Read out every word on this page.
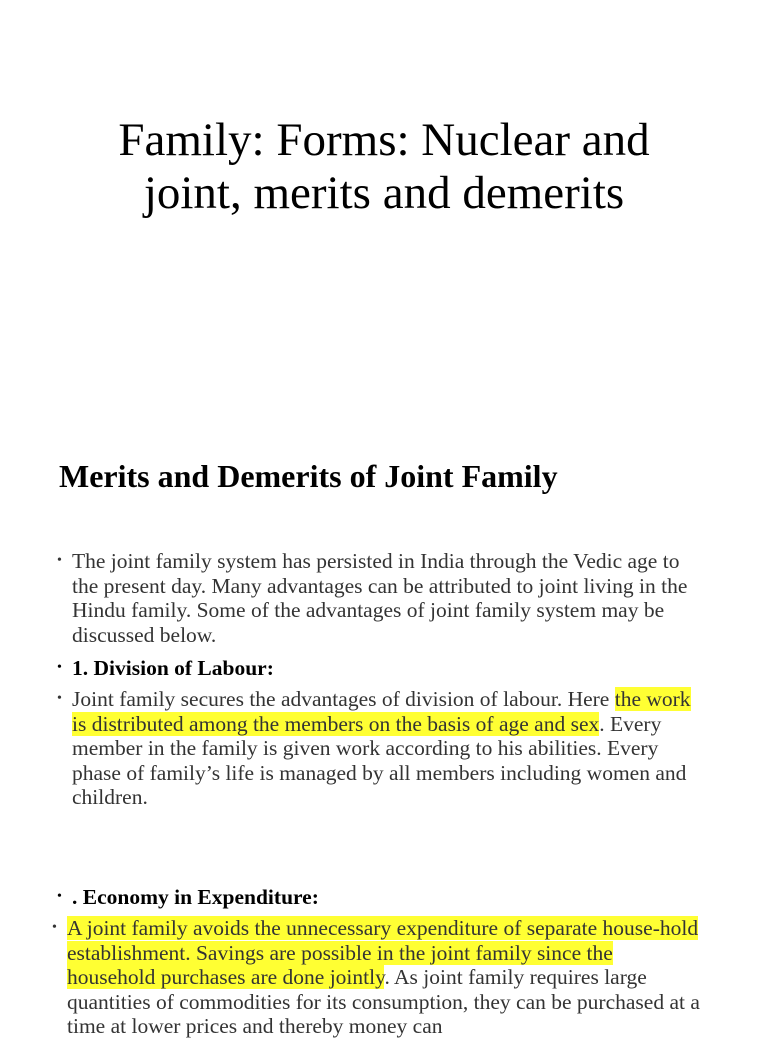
Family: Forms: Nuclear and
joint, merits and demerits
Merits and Demerits of Joint Family

• The joint family system has persisted in India through the Vedic age to the present day. Many advantages can be attributed to joint living in the Hindu family. Some of the advantages of joint family system may be discussed below.

• 1. Division of Labour:

• Joint family secures the advantages of division of labour. Here the work is distributed among the members on the basis of age and sex. Every member in the family is given work according to his abilities. Every phase of family’s life is managed by all members including women and children.

• . Economy in Expenditure:

• A joint family avoids the unnecessary expenditure of separate house-hold establishment. Savings are possible in the joint family since the household purchases are done jointly. As joint family requires large quantities of commodities for its consumption, they can be purchased at a time at lower prices and thereby money can
